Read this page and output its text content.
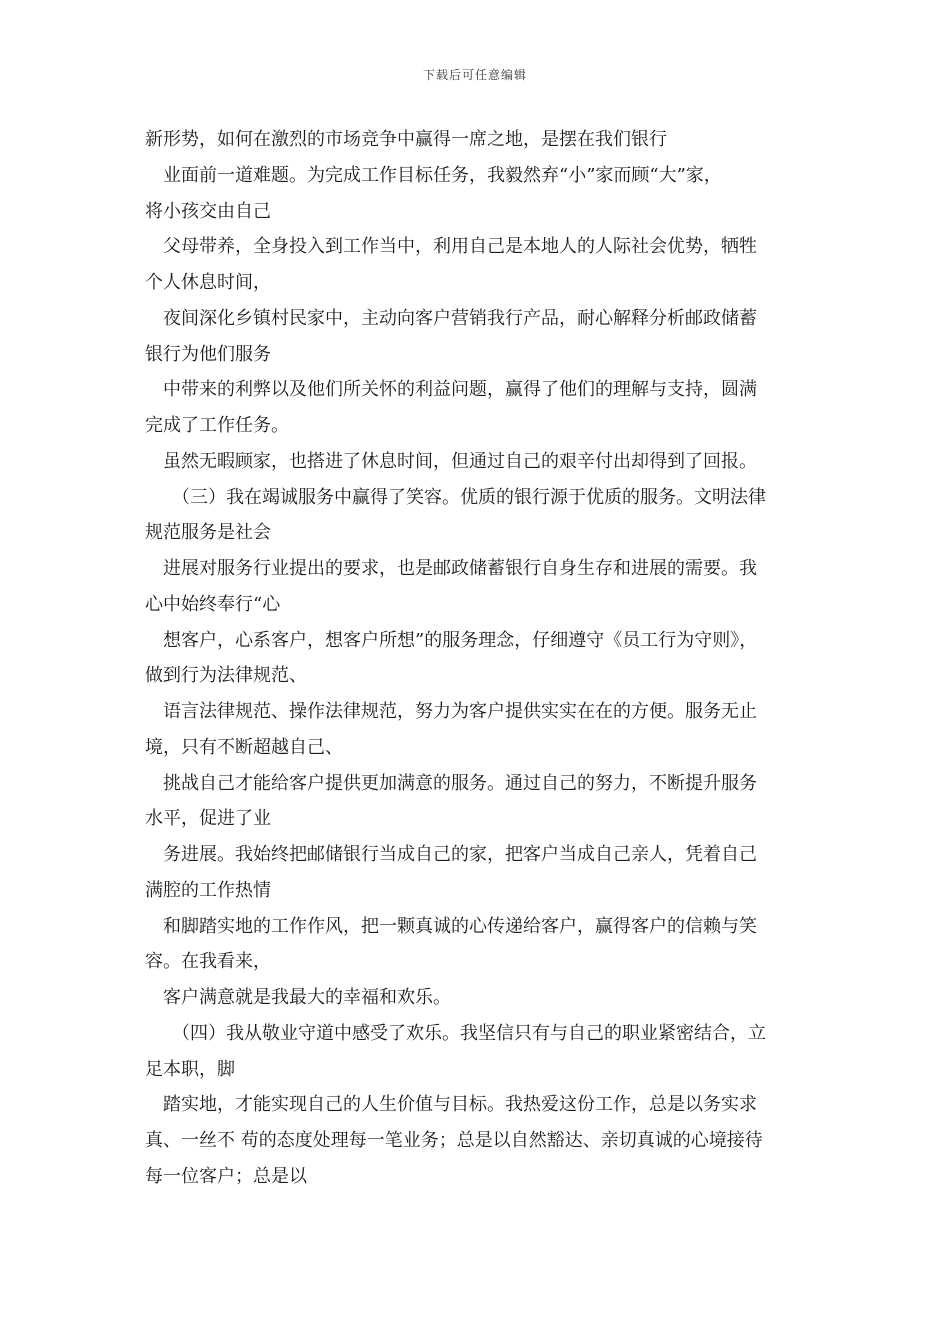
下载后可任意编辑
新形势，如何在激烈的市场竞争中赢得一席之地，是摆在我们银行
业面前一道难题。为完成工作目标任务，我毅然弃“小”家而顾“大”家，
将小孩交由自己
父母带养，全身投入到工作当中，利用自己是本地人的人际社会优势，牺牲
个人休息时间，
夜间深化乡镇村民家中，主动向客户营销我行产品，耐心解释分析邮政储蓄
银行为他们服务
中带来的利弊以及他们所关怀的利益问题，赢得了他们的理解与支持，圆满
完成了工作任务。
虽然无暇顾家，也搭进了休息时间，但通过自己的艰辛付出却得到了回报。
（三）我在竭诚服务中赢得了笑容。优质的银行源于优质的服务。文明法律
规范服务是社会
进展对服务行业提出的要求，也是邮政储蓄银行自身生存和进展的需要。我
心中始终奉行“心
想客户，心系客户，想客户所想”的服务理念，仔细遵守《员工行为守则》，
做到行为法律规范、
语言法律规范、操作法律规范，努力为客户提供实实在在的方便。服务无止
境，只有不断超越自己、
挑战自己才能给客户提供更加满意的服务。通过自己的努力，不断提升服务
水平，促进了业
务进展。我始终把邮储银行当成自己的家，把客户当成自己亲人，凭着自己
满腔的工作热情
和脚踏实地的工作作风，把一颗真诚的心传递给客户，赢得客户的信赖与笑
容。在我看来，
客户满意就是我最大的幸福和欢乐。
（四）我从敬业守道中感受了欢乐。我坚信只有与自己的职业紧密结合，立
足本职，脚
踏实地，才能实现自己的人生价值与目标。我热爱这份工作，总是以务实求
真、一丝不 苟的态度处理每一笔业务；总是以自然豁达、亲切真诚的心境接待
每一位客户；总是以
